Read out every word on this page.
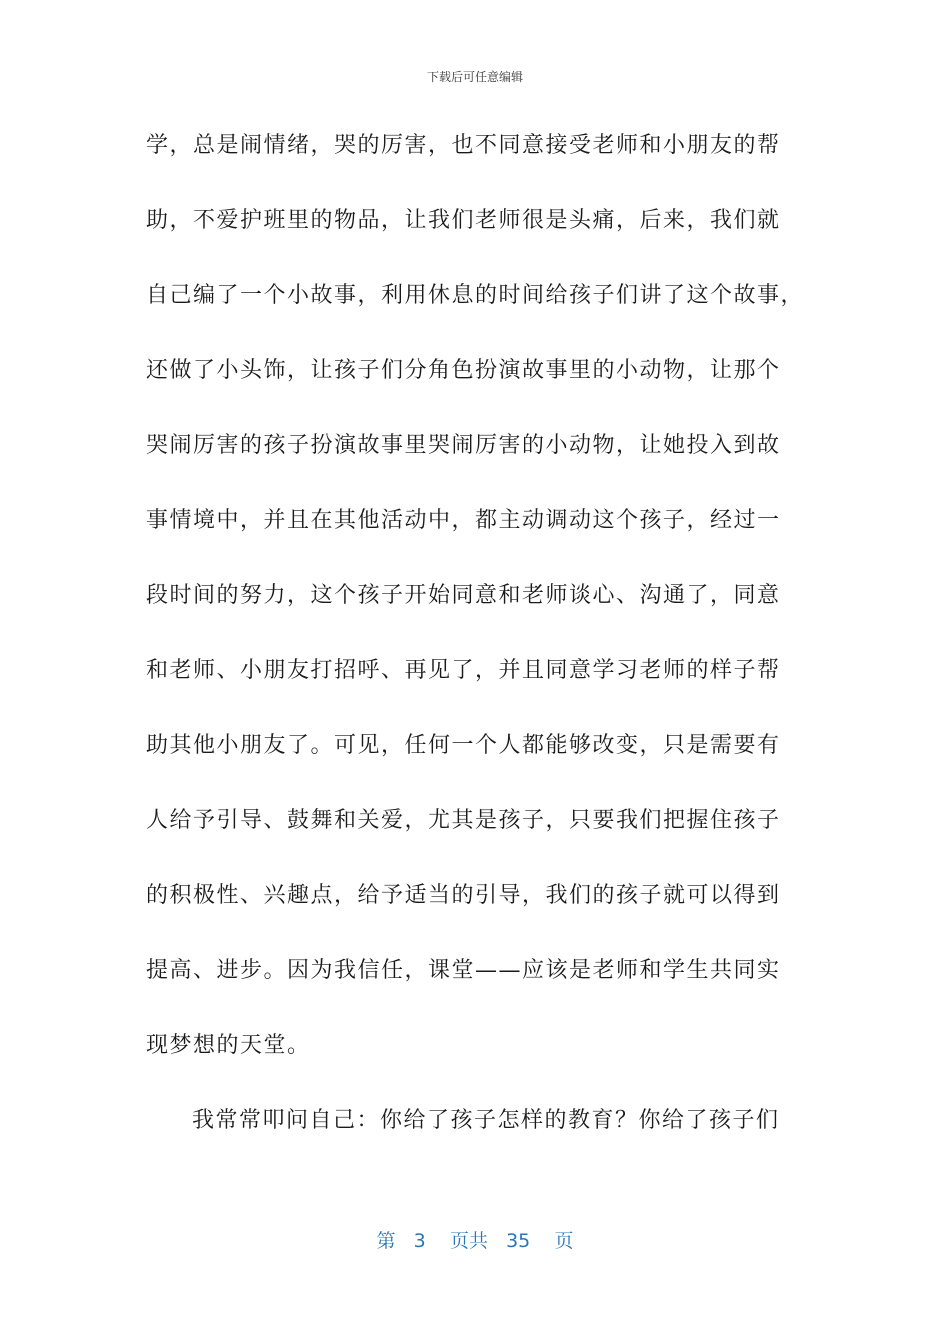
下载后可任意编辑
学，总是闹情绪，哭的厉害，也不同意接受老师和小朋友的帮
助，不爱护班里的物品，让我们老师很是头痛，后来，我们就
自己编了一个小故事，利用休息的时间给孩子们讲了这个故事，
还做了小头饰，让孩子们分角色扮演故事里的小动物，让那个
哭闹厉害的孩子扮演故事里哭闹厉害的小动物，让她投入到故
事情境中，并且在其他活动中，都主动调动这个孩子，经过一
段时间的努力，这个孩子开始同意和老师谈心、沟通了，同意
和老师、小朋友打招呼、再见了，并且同意学习老师的样子帮
助其他小朋友了。可见，任何一个人都能够改变，只是需要有
人给予引导、鼓舞和关爱，尤其是孩子，只要我们把握住孩子
的积极性、兴趣点，给予适当的引导，我们的孩子就可以得到
提高、进步。因为我信任，课堂——应该是老师和学生共同实
现梦想的天堂。
我常常叩问自己：你给了孩子怎样的教育？你给了孩子们
第 3 页共 35 页
